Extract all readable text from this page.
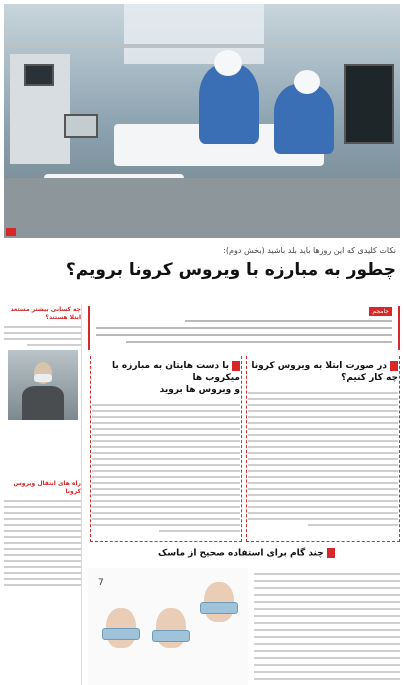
نکات کلیدی که این روزها باید بلد باشید (بخش دوم):
چطور به مبارزه با ویروس کرونا برویم؟
جامجم
چه کسانی بیشتر مستعد
ابتلا هستند؟
راه های انتقال ویروس کرونا
در صورت ابتلا به ویروس کرونا
چه کار کنیم؟
با دست هایتان به مبارزه با میکروب ها
و ویروس ها بروید
چند گام برای استفاده صحیح از ماسک
7
